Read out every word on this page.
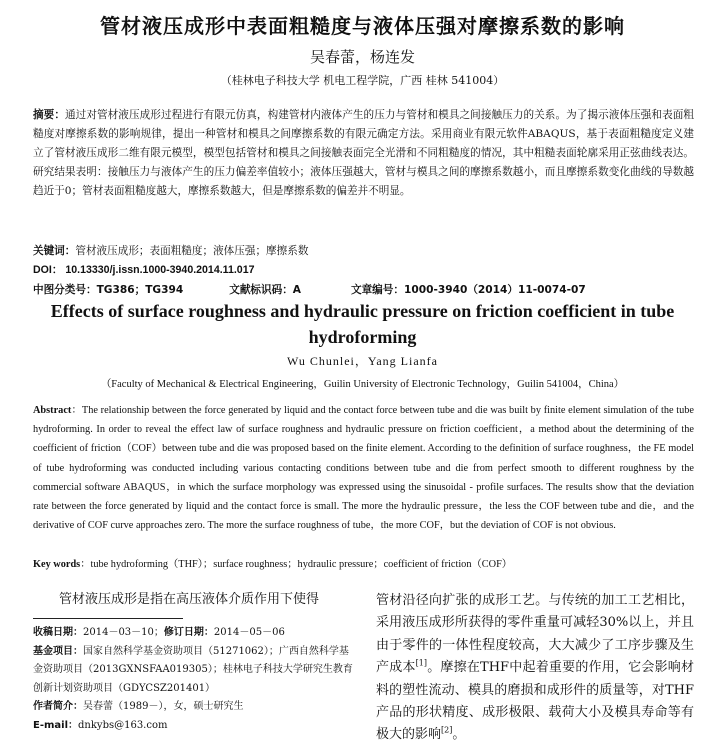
管材液压成形中表面粗糙度与液体压强对摩擦系数的影响
吴春蕾，杨连发
（桂林电子科技大学 机电工程学院，广西 桂林 541004）
摘要：通过对管材液压成形过程进行有限元仿真，构建管材内液体产生的压力与管材和模具之间接触压力的关系。为了揭示液体压强和表面粗糙度对摩擦系数的影响规律，提出一种管材和模具之间摩擦系数的有限元确定方法。采用商业有限元软件ABAQUS，基于表面粗糙度定义建立了管材液压成形二维有限元模型，模型包括管材和模具之间接触表面完全光滑和不同粗糙度的情况，其中粗糙表面轮廓采用正弦曲线表达。研究结果表明：接触压力与液体产生的压力偏差率值较小；液体压强越大，管材与模具之间的摩擦系数越小，而且摩擦系数变化曲线的导数越趋近于0；管材表面粗糙度越大，摩擦系数越大，但是摩擦系数的偏差并不明显。
关键词：管材液压成形；表面粗糙度；液体压强；摩擦系数
DOI： 10.13330/j.issn.1000-3940.2014.11.017
中图分类号： TG386；TG394	文献标识码： A	文章编号： 1000-3940（2014）11-0074-07
Effects of surface roughness and hydraulic pressure on friction coefficient in tube hydroforming
Wu Chunlei，Yang Lianfa
（Faculty of Mechanical & Electrical Engineering，Guilin University of Electronic Technology，Guilin 541004，China）
Abstract：The relationship between the force generated by liquid and the contact force between tube and die was built by finite element simulation of the tube hydroforming. In order to reveal the effect law of surface roughness and hydraulic pressure on friction coefficient，a method about the determining of the coefficient of friction（COF）between tube and die was proposed based on the finite element. According to the definition of surface roughness，the FE model of tube hydroforming was conducted including various contacting conditions between tube and die from perfect smooth to different roughness by the commercial software ABAQUS，in which the surface morphology was expressed using the sinusoidal - profile surfaces. The results show that the deviation rate between the force generated by liquid and the contact force is small. The more the hydraulic pressure，the less the COF between tube and die，and the derivative of COF curve approaches zero. The more the surface roughness of tube，the more COF，but the deviation of COF is not obvious.
Key words：tube hydroforming（THF）；surface roughness；hydraulic pressure；coefficient of friction（COF）
管材液压成形是指在高压液体介质作用下使得
收稿日期：2014－03－10；修订日期：2014－05－06
基金项目：国家自然科学基金资助项目（51271062）；广西自然科学基金资助项目（2013GXNSFAA019305）；桂林电子科技大学研究生教育创新计划资助项目（GDYCSZ201401）
作者简介：吴春蕾（1989－），女，硕士研究生
E-mail：dnkybs@163.com
管材沿径向扩张的成形工艺。与传统的加工工艺相比，采用液压成形所获得的零件重量可减轻30%以上，并且由于零件的一体性程度较高，大大减少了工序步骤及生产成本[1]。摩擦在THF中起着重要的作用，它会影响材料的塑性流动、模具的磨损和成形件的质量等，对THF产品的形状精度、成形极限、载荷大小及模具寿命等有极大的影响[2]。
